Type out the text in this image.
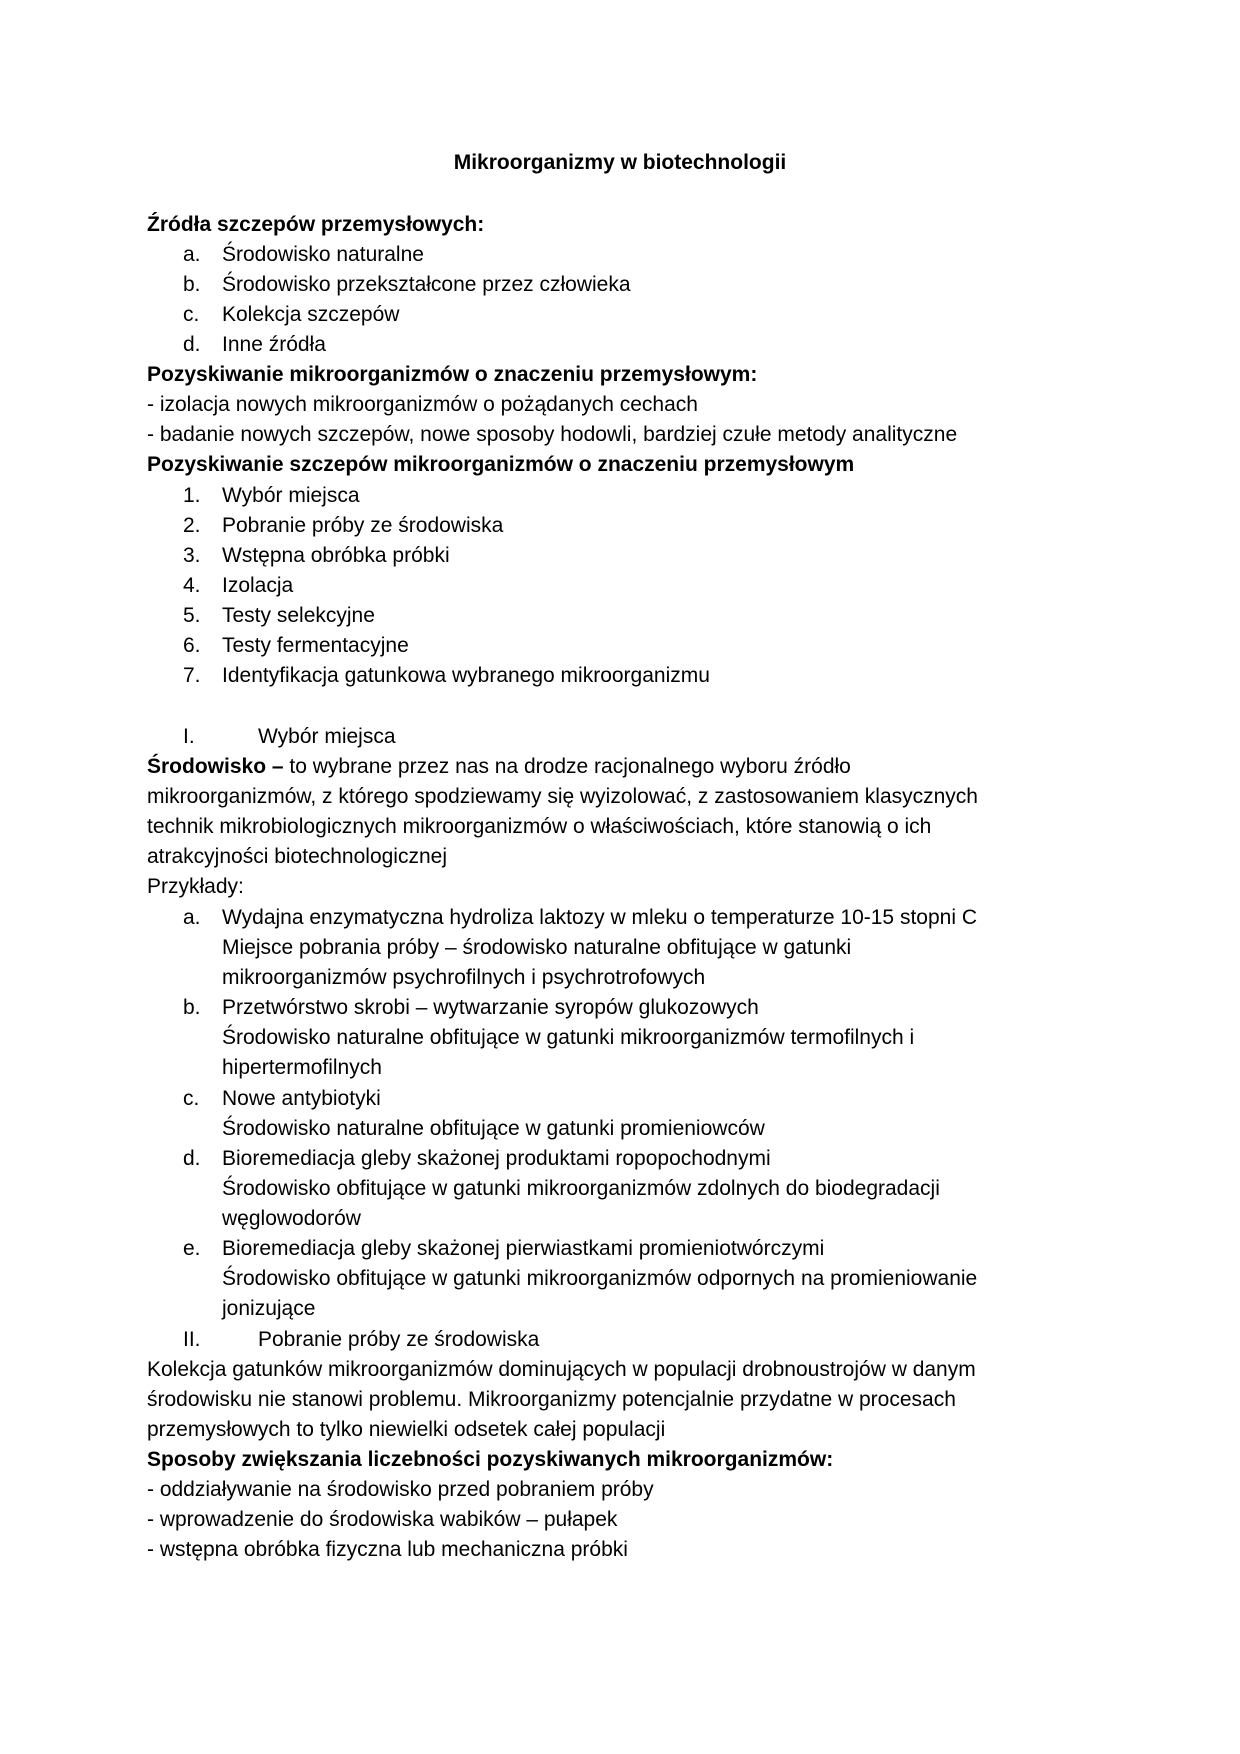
Mikroorganizmy w biotechnologii
Źródła szczepów przemysłowych:
a. Środowisko naturalne
b. Środowisko przekształcone przez człowieka
c. Kolekcja szczepów
d. Inne źródła
Pozyskiwanie mikroorganizmów o znaczeniu przemysłowym:
- izolacja nowych mikroorganizmów o pożądanych cechach
- badanie nowych szczepów, nowe sposoby hodowli, bardziej czułe metody analityczne
Pozyskiwanie szczepów mikroorganizmów o znaczeniu przemysłowym
1. Wybór miejsca
2. Pobranie próby ze środowiska
3. Wstępna obróbka próbki
4. Izolacja
5. Testy selekcyjne
6. Testy fermentacyjne
7. Identyfikacja gatunkowa wybranego mikroorganizmu
I.	Wybór miejsca
Środowisko – to wybrane przez nas na drodze racjonalnego wyboru źródło
mikroorganizmów, z którego spodziewamy się wyizolować, z zastosowaniem klasycznych
technik mikrobiologicznych mikroorganizmów o właściwościach, które stanowią o ich
atrakcyjności biotechnologicznej
Przykłady:
a. Wydajna enzymatyczna hydroliza laktozy w mleku o temperaturze 10-15 stopni C
Miejsce pobrania próby – środowisko naturalne obfitujące w gatunki
mikroorganizmów psychrofilnych i psychrotrofowych
b. Przetwórstwo skrobi – wytwarzanie syropów glukozowych
Środowisko naturalne obfitujące w gatunki mikroorganizmów termofilnych i
hipertermofilnych
c. Nowe antybiotyki
Środowisko naturalne obfitujące w gatunki promieniowców
d. Bioremediacja gleby skażonej produktami ropopochodnymi
Środowisko obfitujące w gatunki mikroorganizmów zdolnych do biodegradacji
węglowodorów
e. Bioremediacja gleby skażonej pierwiastkami promieniotwórczymi
Środowisko obfitujące w gatunki mikroorganizmów odpornych na promieniowanie
jonizujące
II.	Pobranie próby ze środowiska
Kolekcja gatunków mikroorganizmów dominujących w populacji drobnoustrojów w danym
środowisku nie stanowi problemu. Mikroorganizmy potencjalnie przydatne w procesach
przemysłowych to tylko niewielki odsetek całej populacji
Sposoby zwiększania liczebności pozyskiwanych mikroorganizmów:
- oddziaływanie na środowisko przed pobraniem próby
- wprowadzenie do środowiska wabików – pułapek
- wstępna obróbka fizyczna lub mechaniczna próbki
